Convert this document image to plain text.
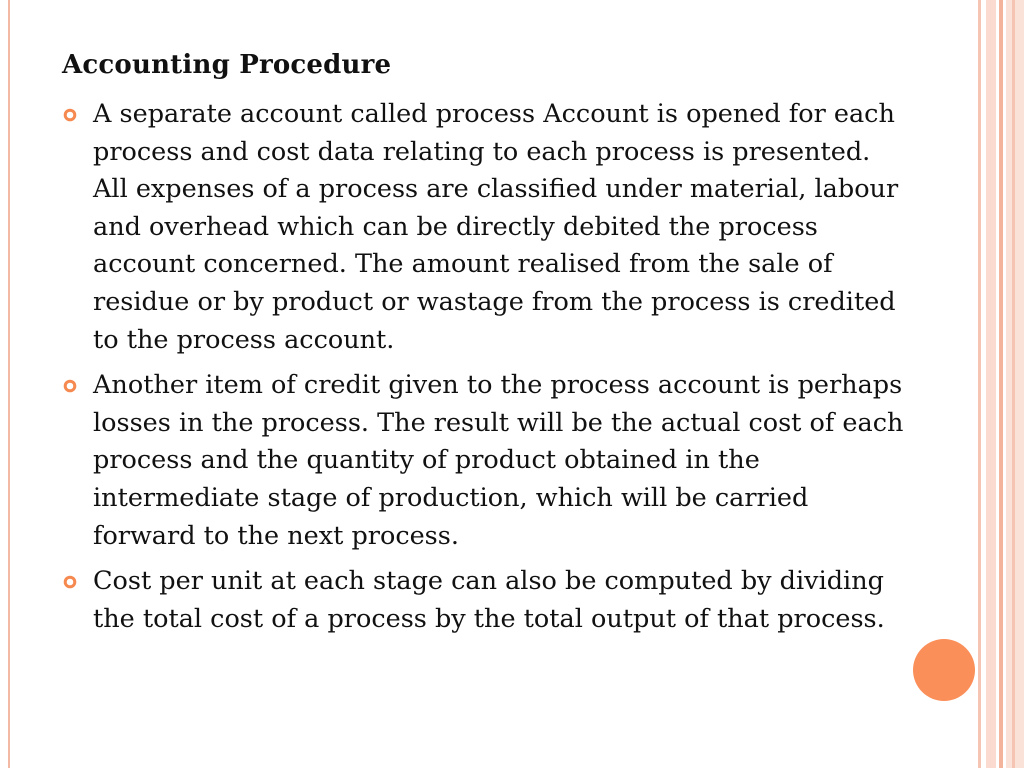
Accounting Procedure
A separate account called process Account is opened for each process and cost data relating to each process is presented. All expenses of a process are classified under material, labour and overhead which can be directly debited the process account concerned. The amount realised from the sale of residue or by product or wastage from the process is credited to the process account.
Another item of credit given to the process account is perhaps losses in the process. The result will be the actual cost of each process and the quantity of product obtained in the intermediate stage of production, which will be carried forward to the next process.
Cost per unit at each stage can also be computed by dividing the total cost of a process by the total output of that process.
